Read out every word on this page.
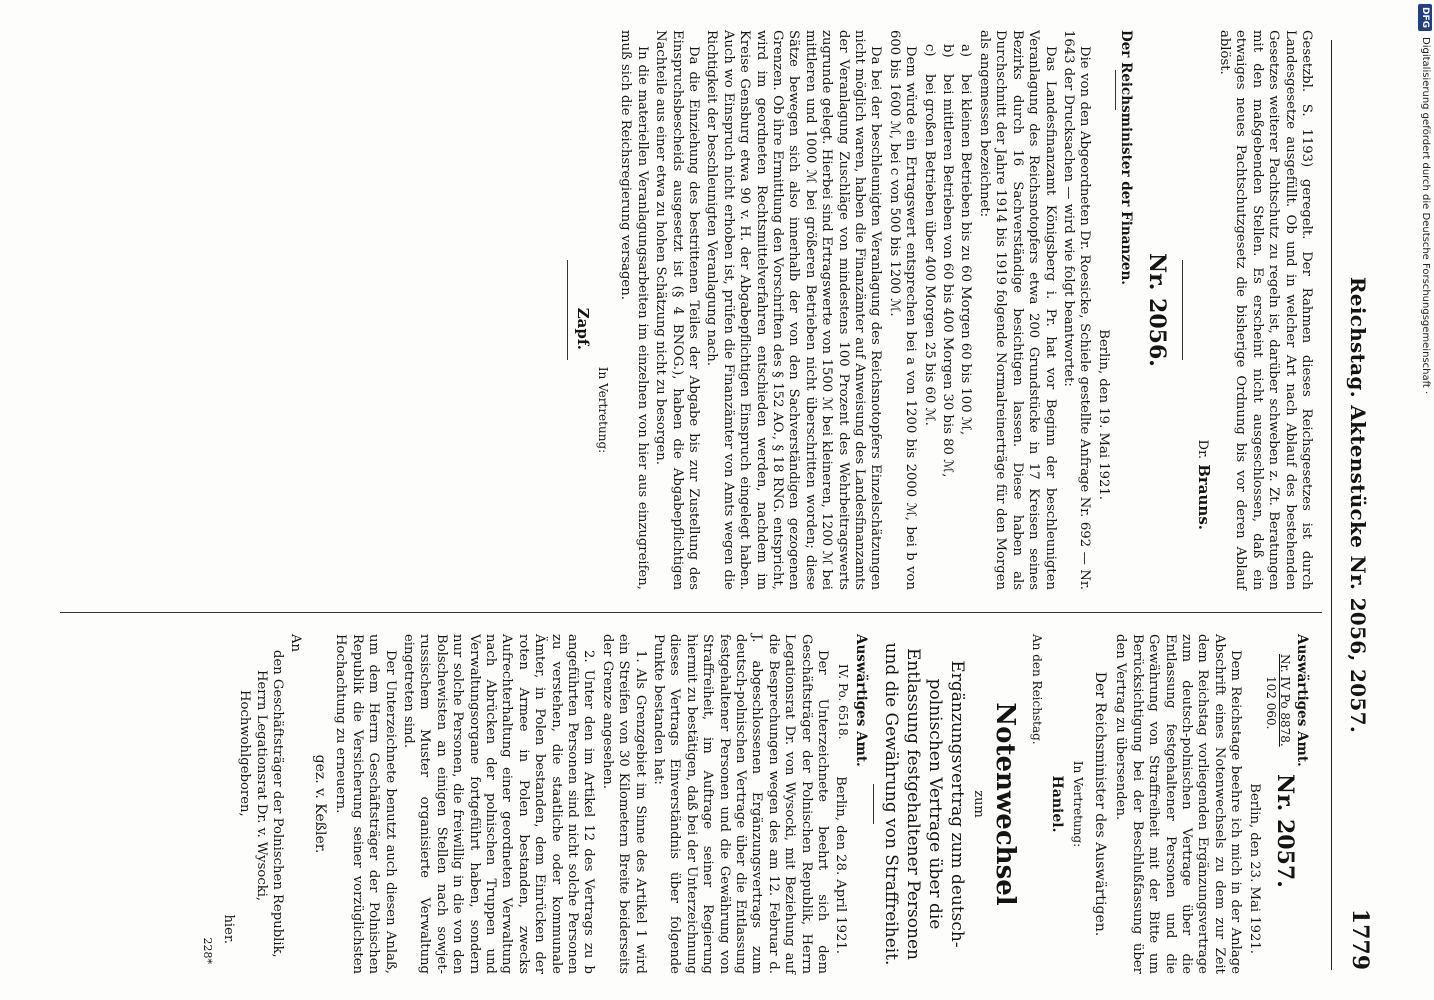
Reichstag. Aktenstücke Nr. 2056, 2057.
1779

Gesetzbl. S. 1193) geregelt. Der Rahmen dieses Reichsgesetzes ist durch Landesgesetze ausgefüllt. Ob und in welcher Art nach Ablauf des bestehenden Gesetzes weiterer Pachtschutz zu regeln ist, darüber schweben z. Zt. Beratungen mit den maßgebenden Stellen. Es erscheint nicht ausgeschlossen, daß ein etwaiges neues Pachtschutzgesetz die bisherige Ordnung bis vor deren Ablauf ablöst.

Dr. Brauns.

Nr. 2056.

Der Reichsminister der Finanzen.

Berlin, den 19. Mai 1921.

Die von den Abgeordneten Dr. Roesicke, Schiele gestellte Anfrage Nr. 692 — Nr. 1643 der Drucksachen — wird wie folgt beantwortet:

Das Landesfinanzamt Königsberg i. Pr. hat vor Beginn der beschleunigten Veranlagung des Reichsnotopfers etwa 200 Grundstücke in 17 Kreisen seines Bezirks durch 16 Sachverständige besichtigen lassen. Diese haben als Durchschnitt der Jahre 1914 bis 1919 folgende Normalreinerträge für den Morgen als angemessen bezeichnet:

a)
bei kleinen Betrieben bis zu 60 Morgen 60 bis 100 ℳ,
b)
bei mittleren Betrieben von 60 bis 400 Morgen 30 bis 80 ℳ,
c)
bei großen Betrieben über 400 Morgen 25 bis 60 ℳ.

Dem würde ein Ertragswert entsprechen bei a von 1200 bis 2000 ℳ, bei b von 600 bis 1600 ℳ, bei c von 500 bis 1200 ℳ.

Da bei der beschleunigten Veranlagung des Reichsnotopfers Einzelschätzungen nicht möglich waren, haben die Finanzämter auf Anweisung des Landesfinanzamts der Veranlagung Zuschläge von mindestens 100 Prozent des Wehrbeitragswerts zugrunde gelegt. Hierbei sind Ertragswerte von 1500 ℳ bei kleineren, 1200 ℳ bei mittleren und 1000 ℳ bei größeren Betrieben nicht überschritten worden; diese Sätze bewegen sich also innerhalb der von den Sachverständigen gezogenen Grenzen. Ob ihre Ermittlung den Vorschriften des § 152 AO., § 18 RNG. entspricht, wird im geordneten Rechtsmittelverfahren entschieden werden, nachdem im Kreise Gensburg etwa 90 v. H. der Abgabepflichtigen Einspruch eingelegt haben. Auch wo Einspruch nicht erhoben ist, prüfen die Finanzämter von Amts wegen die Richtigkeit der beschleunigten Veranlagung nach.

Da die Einziehung des bestrittenen Teiles der Abgabe bis zur Zustellung des Einspruchsbescheids ausgesetzt ist (§ 4 BNOG.), haben die Abgabepflichtigen Nachteile aus einer etwa zu hohen Schätzung nicht zu besorgen.

In die materiellen Veranlagungsarbeiten im einzelnen von hier aus einzugreifen, muß sich die Reichsregierung versagen.

In Vertretung:

Zapf.

Auswärtiges Amt.

Nr. IV Po 8878.
102 060.

Nr. 2057.

Berlin, den 23. Mai 1921.

Dem Reichstage beehre ich mich in der Anlage Abschrift eines Notenwechsels zu dem zur Zeit dem Reichstag vorliegenden Ergänzungsvertrage zum deutsch-polnischen Vertrage über die Entlassung festgehaltener Personen und die Gewährung von Straffreiheit mit der Bitte um Berücksichtigung bei der Beschlußfassung über den Vertrag zu übersenden.

Der Reichsminister des Auswärtigen.

In Vertretung:

Haniel.

An den Reichstag.

Notenwechsel

zum

Ergänzungsvertrag zum deutsch-polnischen Vertrage über die Entlassung festgehaltener Personen und die Gewährung von Straffreiheit.

Auswärtiges Amt.

IV. Po. 6518.

Berlin, den 28. April 1921.

Der Unterzeichnete beehrt sich dem Geschäftsträger der Polnischen Republik, Herrn Legationsrat Dr. von Wysocki, mit Beziehung auf die Besprechungen wegen des am 12. Februar d. J. abgeschlossenen Ergänzungsvertrags zum deutsch-polnischen Vertrage über die Entlassung festgehaltener Personen und die Gewährung von Straffreiheit, im Auftrage seiner Regierung hiermit zu bestätigen, daß bei der Unterzeichnung dieses Vertrags Einverständnis über folgende Punkte bestanden hat:

1. Als Grenzgebiet im Sinne des Artikel 1 wird ein Streifen von 30 Kilometern Breite beiderseits der Grenze angesehen.

2. Unter den im Artikel 12 des Vertrags zu b angeführten Personen sind nicht solche Personen zu verstehen, die staatliche oder kommunale Ämter, in Polen bestanden, dem Einrücken der roten Armee in Polen bestanden, zwecks Aufrechterhaltung einer geordneten Verwaltung nach Abrücken der polnischen Truppen und Verwaltungsorgane fortgeführt haben, sondern nur solche Personen, die freiwillig in die von den Bolschewisten an einigen Stellen nach sowjet-russischem Muster organisierte Verwaltung eingetreten sind.

Der Unterzeichnete benutzt auch diesen Anlaß, um dem Herrn Geschäftsträger der Polnischen Republik die Versicherung seiner vorzüglichsten Hochachtung zu erneuern.

gez. v. Keßler.

An

den Geschäftsträger der Polnischen Republik,

Herrn Legationsrat Dr. v. Wysocki,

Hochwohlgeboren,

hier.

228*

DFGDigitalisierung gefördert durch die Deutsche Forschungsgemeinschaft ·
